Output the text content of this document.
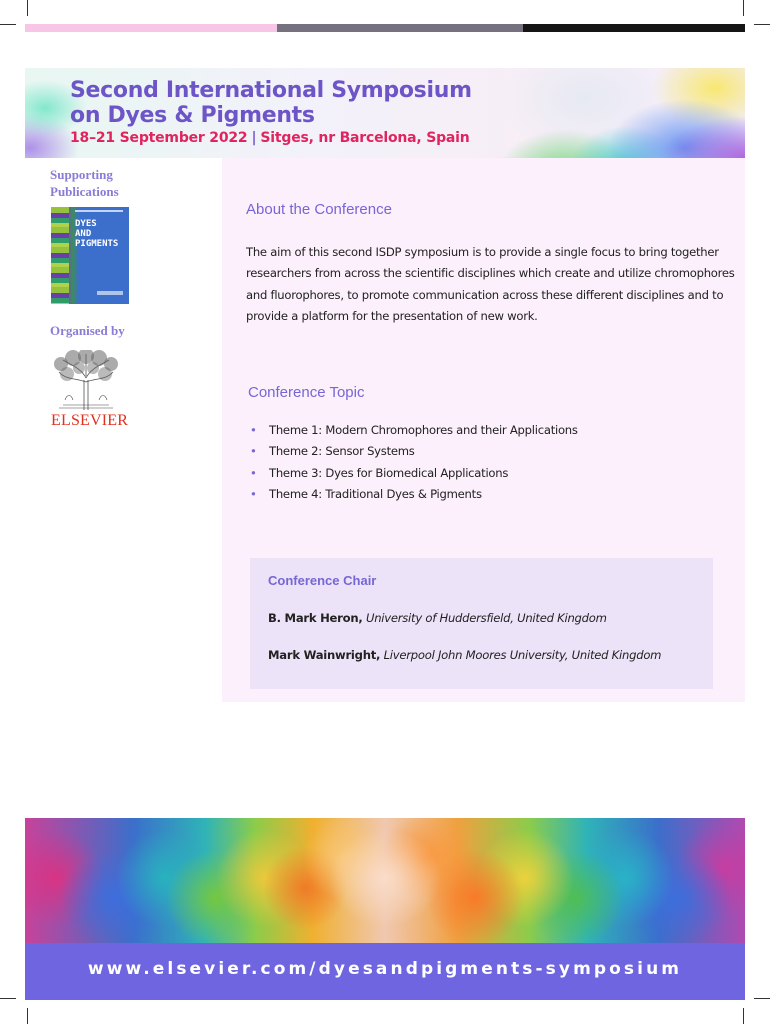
Second International Symposium
on Dyes & Pigments
18–21 September 2022 | Sitges, nr Barcelona, Spain
Supporting
Publications
DYES
AND
PIGMENTS
Organised by
ELSEVIER
About the Conference

The aim of this second ISDP symposium is to provide a single focus to bring together researchers from across the scientific disciplines which create and utilize chromophores and fluorophores, to promote communication across these different disciplines and to provide a platform for the presentation of new work.

Conference Topic
• Theme 1: Modern Chromophores and their Applications
• Theme 2: Sensor Systems
• Theme 3: Dyes for Biomedical Applications
• Theme 4: Traditional Dyes & Pigments
Conference Chair
B. Mark Heron, University of Huddersfield, United Kingdom
Mark Wainwright, Liverpool John Moores University, United Kingdom
www.elsevier.com/dyesandpigments-symposium
